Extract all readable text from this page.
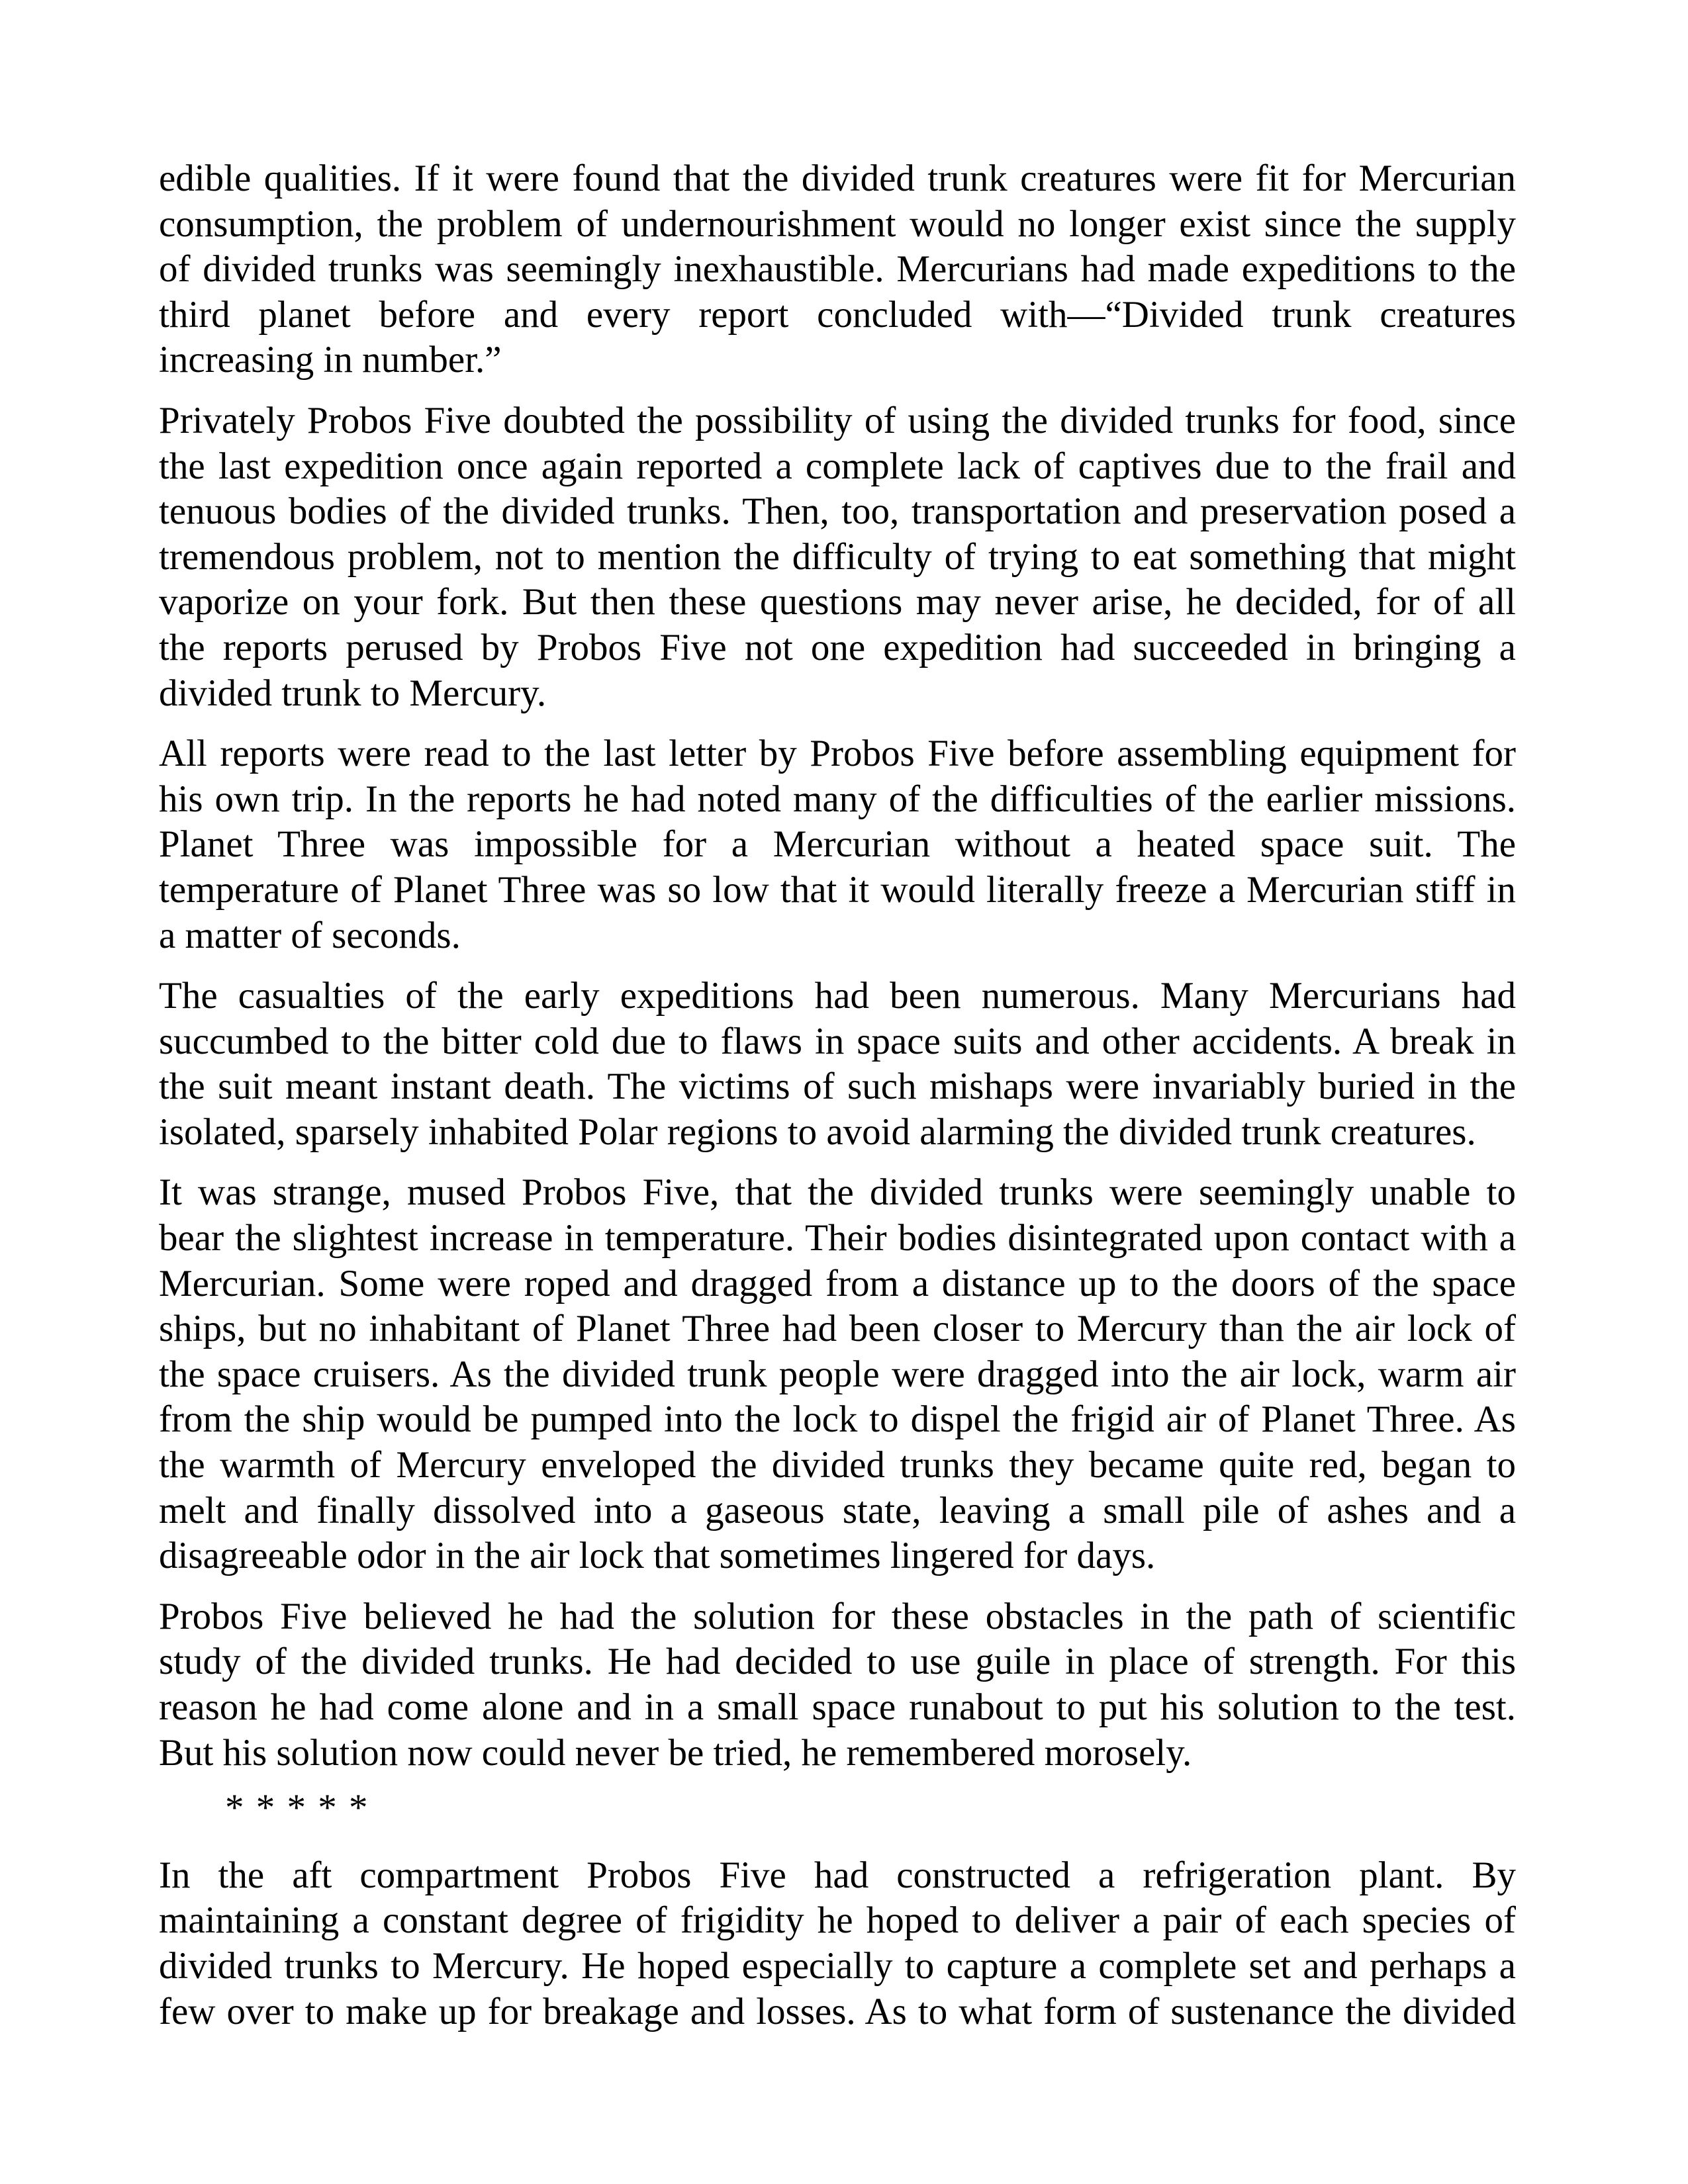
edible qualities. If it were found that the divided trunk creatures were fit for Mercurian
consumption, the problem of undernourishment would no longer exist since the supply
of divided trunks was seemingly inexhaustible. Mercurians had made expeditions to the
third planet before and every report concluded with—“Divided trunk creatures
increasing in number.”
Privately Probos Five doubted the possibility of using the divided trunks for food, since
the last expedition once again reported a complete lack of captives due to the frail and
tenuous bodies of the divided trunks. Then, too, transportation and preservation posed a
tremendous problem, not to mention the difficulty of trying to eat something that might
vaporize on your fork. But then these questions may never arise, he decided, for of all
the reports perused by Probos Five not one expedition had succeeded in bringing a
divided trunk to Mercury.
All reports were read to the last letter by Probos Five before assembling equipment for
his own trip. In the reports he had noted many of the difficulties of the earlier missions.
Planet Three was impossible for a Mercurian without a heated space suit. The
temperature of Planet Three was so low that it would literally freeze a Mercurian stiff in
a matter of seconds.
The casualties of the early expeditions had been numerous. Many Mercurians had
succumbed to the bitter cold due to flaws in space suits and other accidents. A break in
the suit meant instant death. The victims of such mishaps were invariably buried in the
isolated, sparsely inhabited Polar regions to avoid alarming the divided trunk creatures.
It was strange, mused Probos Five, that the divided trunks were seemingly unable to
bear the slightest increase in temperature. Their bodies disintegrated upon contact with a
Mercurian. Some were roped and dragged from a distance up to the doors of the space
ships, but no inhabitant of Planet Three had been closer to Mercury than the air lock of
the space cruisers. As the divided trunk people were dragged into the air lock, warm air
from the ship would be pumped into the lock to dispel the frigid air of Planet Three. As
the warmth of Mercury enveloped the divided trunks they became quite red, began to
melt and finally dissolved into a gaseous state, leaving a small pile of ashes and a
disagreeable odor in the air lock that sometimes lingered for days.
Probos Five believed he had the solution for these obstacles in the path of scientific
study of the divided trunks. He had decided to use guile in place of strength. For this
reason he had come alone and in a small space runabout to put his solution to the test.
But his solution now could never be tried, he remembered morosely.
* * * * *
In the aft compartment Probos Five had constructed a refrigeration plant. By
maintaining a constant degree of frigidity he hoped to deliver a pair of each species of
divided trunks to Mercury. He hoped especially to capture a complete set and perhaps a
few over to make up for breakage and losses. As to what form of sustenance the divided
